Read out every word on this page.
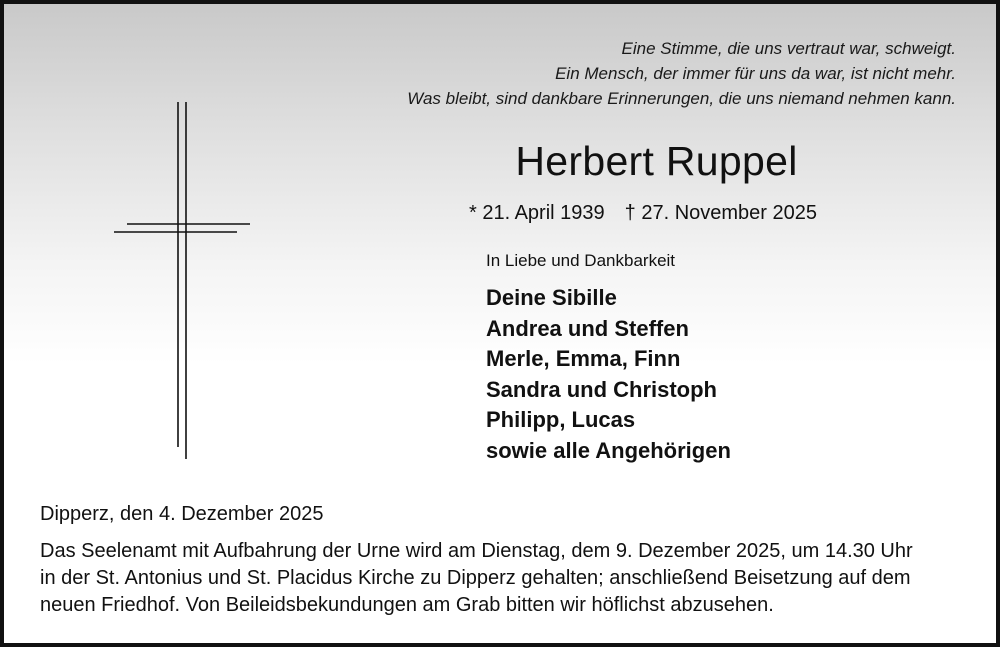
Eine Stimme, die uns vertraut war, schweigt.
Ein Mensch, der immer für uns da war, ist nicht mehr.
Was bleibt, sind dankbare Erinnerungen, die uns niemand nehmen kann.
Herbert Ruppel
* 21. April 1939 † 27. November 2025
In Liebe und Dankbarkeit
Deine Sibille
Andrea und Steffen
Merle, Emma, Finn
Sandra und Christoph
Philipp, Lucas
sowie alle Angehörigen
Dipperz, den 4. Dezember 2025
Das Seelenamt mit Aufbahrung der Urne wird am Dienstag, dem 9. Dezember 2025, um 14.30 Uhr
in der St. Antonius und St. Placidus Kirche zu Dipperz gehalten; anschließend Beisetzung auf dem
neuen Friedhof. Von Beileidsbekundungen am Grab bitten wir höflichst abzusehen.
